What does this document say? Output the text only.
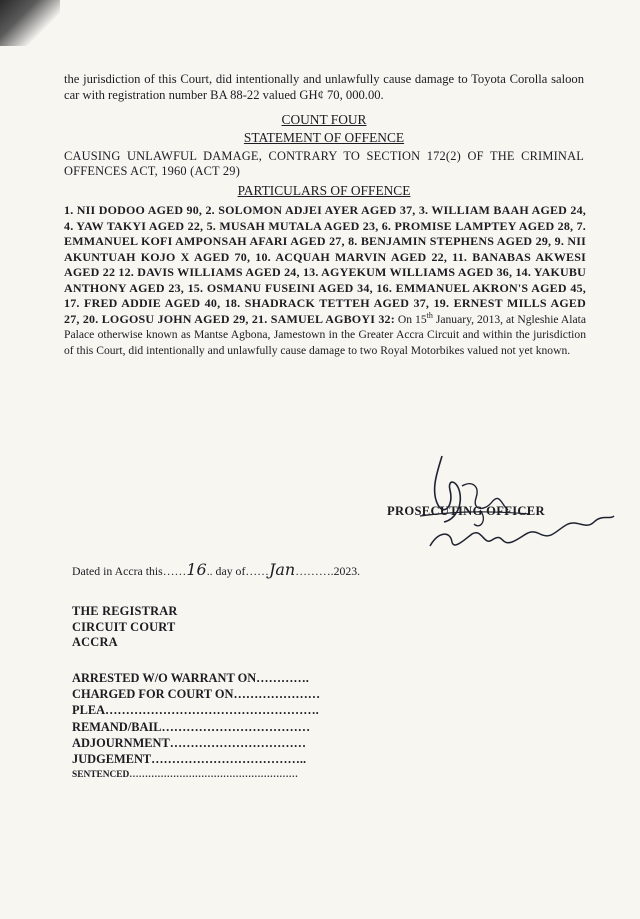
the jurisdiction of this Court, did intentionally and unlawfully cause damage to Toyota Corolla saloon car with registration number BA 88-22 valued GH¢ 70, 000.00.
COUNT FOUR
STATEMENT OF OFFENCE
CAUSING UNLAWFUL DAMAGE, CONTRARY TO SECTION 172(2) OF THE CRIMINAL OFFENCES ACT, 1960 (ACT 29)
PARTICULARS OF OFFENCE
1. NII DODOO AGED 90, 2. SOLOMON ADJEI AYER AGED 37, 3. WILLIAM BAAH AGED 24, 4. YAW TAKYI AGED 22, 5. MUSAH MUTALA AGED 23, 6. PROMISE LAMPTEY AGED 28, 7. EMMANUEL KOFI AMPONSAH AFARI AGED 27, 8. BENJAMIN STEPHENS AGED 29, 9. NII AKUNTUAH KOJO X AGED 70, 10. ACQUAH MARVIN AGED 22, 11. BANABAS AKWESI AGED 22 12. DAVIS WILLIAMS AGED 24, 13. AGYEKUM WILLIAMS AGED 36, 14. YAKUBU ANTHONY AGED 23, 15. OSMANU FUSEINI AGED 34, 16. EMMANUEL AKRON'S AGED 45, 17. FRED ADDIE AGED 40, 18. SHADRACK TETTEH AGED 37, 19. ERNEST MILLS AGED 27, 20. LOGOSU JOHN AGED 29, 21. SAMUEL AGBOYI 32: On 15th January, 2013, at Ngleshie Alata Palace otherwise known as Mantse Agbona, Jamestown in the Greater Accra Circuit and within the jurisdiction of this Court, did intentionally and unlawfully cause damage to two Royal Motorbikes valued not yet known.
PROSECUTING OFFICER
Dated in Accra this……16.. day of……Jan……….2023.
THE REGISTRAR
CIRCUIT COURT
ACCRA
ARRESTED W/O WARRANT ON………….
CHARGED FOR COURT ON…………………
PLEA…………………………………………….
REMAND/BAIL………………………………
ADJOURNMENT……………………………
JUDGEMENT………………………………..
SENTENCED………………………………………………
